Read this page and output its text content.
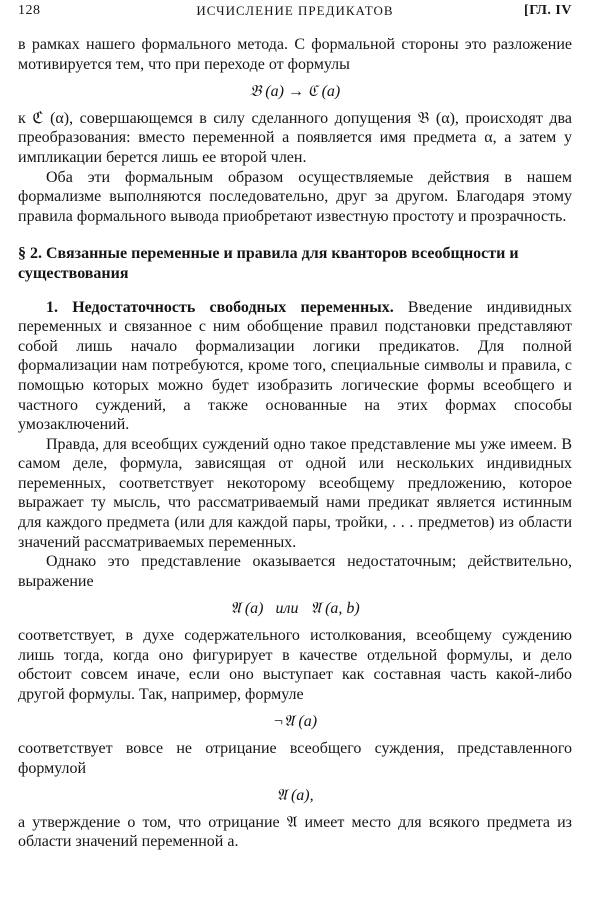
128	ИСЧИСЛЕНИЕ ПРЕДИКАТОВ	[ГЛ. IV

в рамках нашего формального метода. С формальной стороны это разложение мотивируется тем, что при переходе от формулы

𝔅 (a) → ℭ (a)

к ℭ (α), совершающемся в силу сделанного допущения 𝔅 (α), происходят два преобразования: вместо переменной a появляется имя предмета α, а затем у импликации берется лишь ее второй член.

Оба эти формальным образом осуществляемые действия в нашем формализме выполняются последовательно, друг за другом. Благодаря этому правила формального вывода приобретают известную простоту и прозрачность.

§ 2. Связанные переменные и правила для кванторов всеобщности и существования

1. Недостаточность свободных переменных. Введение индивидных переменных и связанное с ним обобщение правил подстановки представляют собой лишь начало формализации логики предикатов. Для полной формализации нам потребуются, кроме того, специальные символы и правила, с помощью которых можно будет изобразить логические формы всеобщего и частного суждений, а также основанные на этих формах способы умозаключений.

Правда, для всеобщих суждений одно такое представление мы уже имеем. В самом деле, формула, зависящая от одной или нескольких индивидных переменных, соответствует некоторому всеобщему предложению, которое выражает ту мысль, что рассматриваемый нами предикат является истинным для каждого предмета (или для каждой пары, тройки, . . . предметов) из области значений рассматриваемых переменных.

Однако это представление оказывается недостаточным; действительно, выражение

𝔄 (a)   или   𝔄 (a, b)

соответствует, в духе содержательного истолкования, всеобщему суждению лишь тогда, когда оно фигурирует в качестве отдельной формулы, и дело обстоит совсем иначе, если оно выступает как составная часть какой-либо другой формулы. Так, например, формуле

¬𝔄 (a)

соответствует вовсе не отрицание всеобщего суждения, представленного формулой

𝔄 (a),

а утверждение о том, что отрицание 𝔄 имеет место для всякого предмета из области значений переменной a.
